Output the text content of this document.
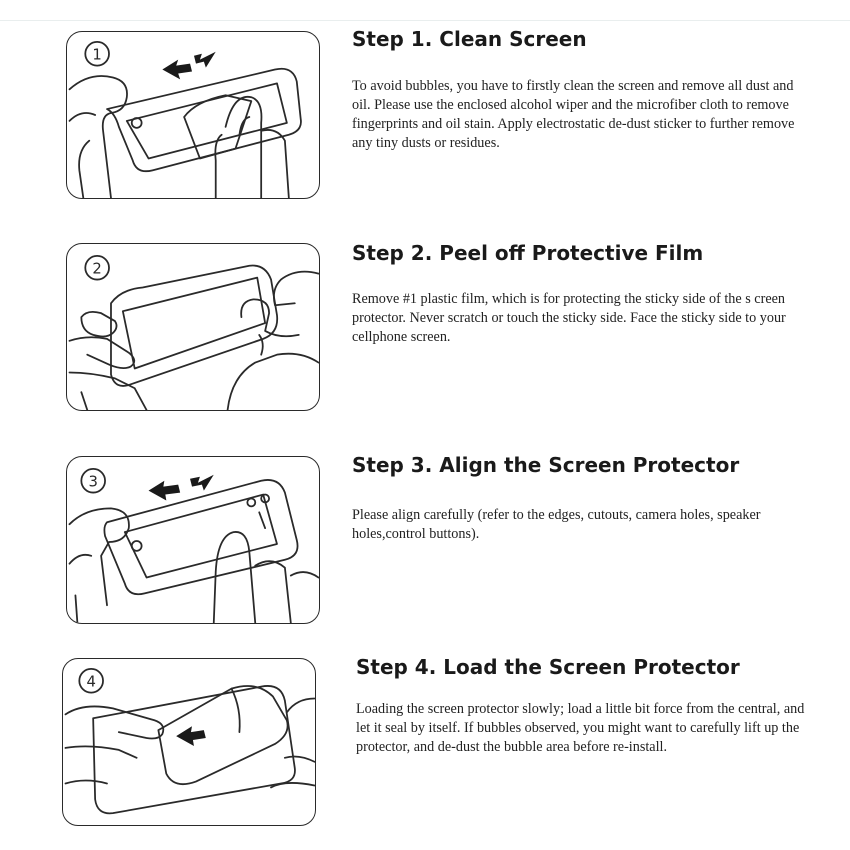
1
Step 1. Clean Screen

To avoid bubbles, you have to firstly clean the screen and remove all dust and oil. Please use the enclosed alcohol wiper and the microfiber cloth to remove fingerprints and oil stain. Apply electrostatic de-dust sticker to further remove any tiny dusts or residues.

2
Step 2. Peel off Protective Film

Remove #1 plastic film, which is for protecting the sticky side of the s creen protector. Never scratch or touch the sticky side. Face the sticky side to your cellphone screen.

3
Step 3. Align the Screen Protector

Please align carefully (refer to the edges, cutouts, camera holes, speaker holes,control buttons).

4
Step 4. Load the Screen Protector

Loading the screen protector slowly; load a little bit force from the central, and let it seal by itself. If bubbles observed, you might want to carefully lift up the protector, and de-dust the bubble area before re-install.
